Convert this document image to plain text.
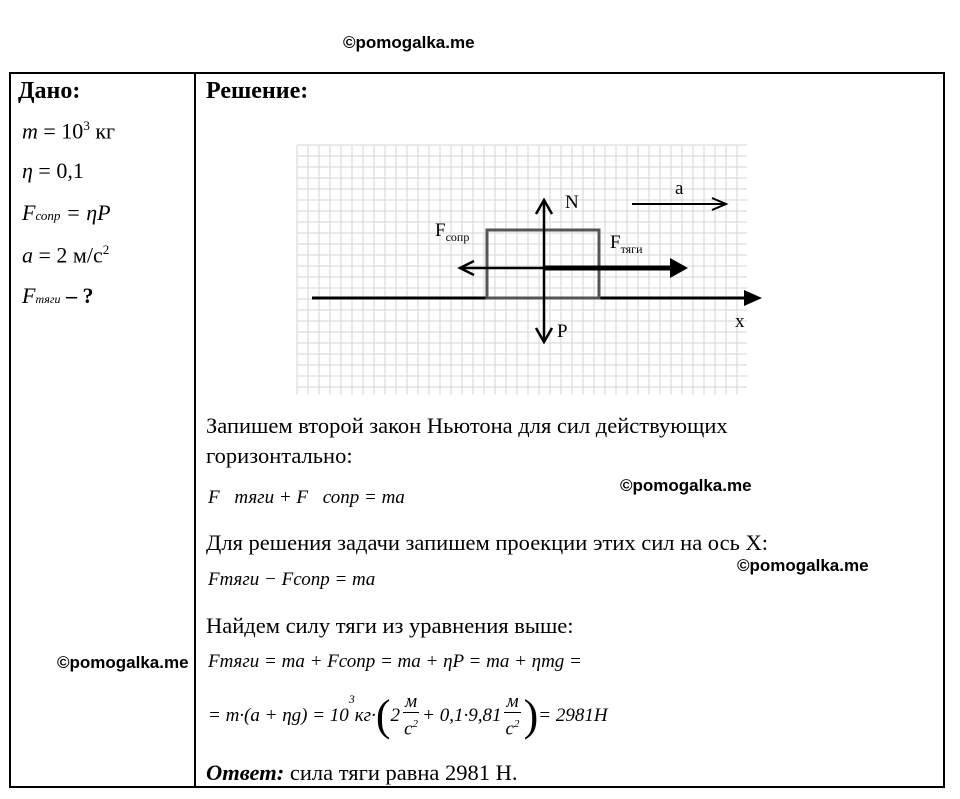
©pomogalka.me
©pomogalka.me
©pomogalka.me
©pomogalka.me
Дано:
$m = 10^3$ кг
η = 0,1
Fсопр = ηP
a = 2 $м/с^2$
Fтяги – ?
Решение:
N
P
a
x
$F_{сопр}$	$F_{тяги}$
Запишем второй закон Ньютона для сил действующих
горизонтально:
F⃗тяги + F⃗сопр = ma⃗
Для решения задачи запишем проекции этих сил на ось X:
Fтяги − Fсопр = ma
Найдем силу тяги из уравнения выше:
Fтяги = ma + Fсопр = ma + ηP = ma + ηmg =
= m·(a + ηg) = 10
$^3$
кг· ( 2
м
$с^2 + 0,1\cdot 9,81$
м
$с^2$ ) = 2981H
Ответ: сила тяги равна 2981 Н.
